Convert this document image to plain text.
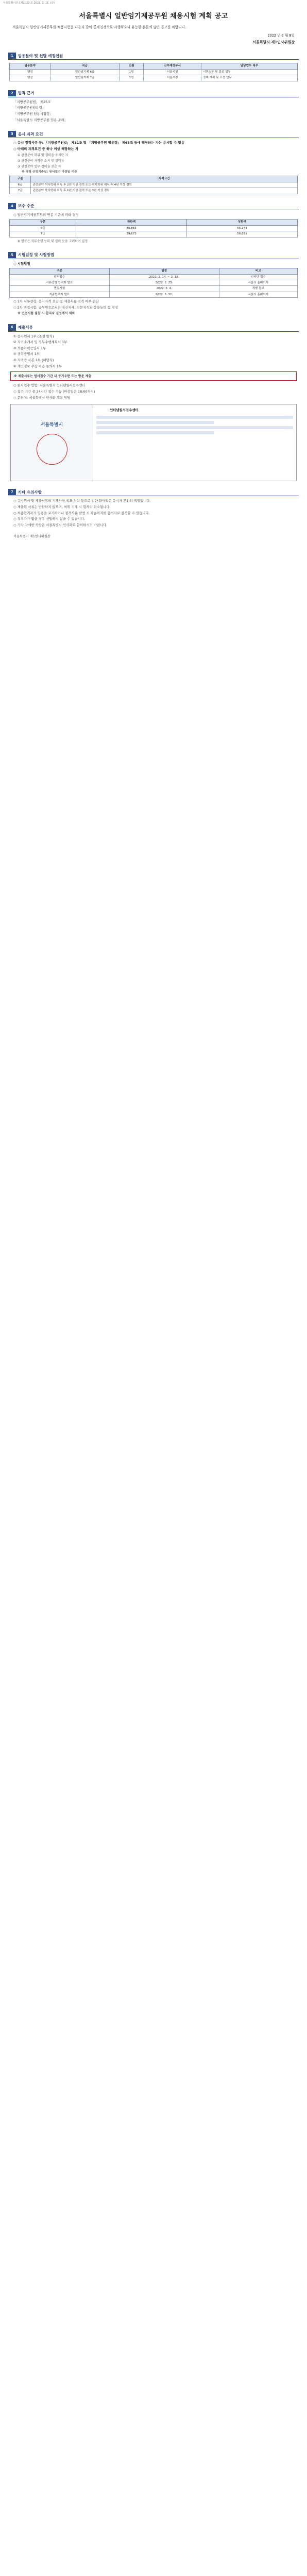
서울특별시공고제2022-호 2022. 2. 11. (금)
서울특별시 일반임기제공무원 채용시험 계획 공고
서울특별시 일반임기제공무원 채용시험을 다음과 같이 공개경쟁으로 시행하오니 유능한 분들의 많은 응모를 바랍니다.
2022 년 2 월 8일
서울특별시 제1인사위원장
1	임용분야 및 선발 예정인원
임용분야	직급	인원	근무예정부서	담당업무 직무
행정	일반임기제 6급	1명	서울시청	시민소통 및 홍보 업무
행정	일반임기제 7급	1명	서울시청	정책 기획 및 조정 업무
2	법적 근거
「지방공무원법」 제25조
「지방공무원임용령」
「지방공무원 임용시험령」
「서울특별시 지방공무원 임용 조례」
3	응시 자격 요건
○ 응시 결격사유 등: 「지방공무원법」 제31조 및 「지방공무원 임용령」 제65조 등에 해당하는 자는 응시할 수 없음
○ 아래의 자격요건 중 하나 이상 해당하는 자
① 관련분야 학위 및 경력을 소지한 자
② 관련분야 자격증 소지 및 경력자
③ 관련분야 업무 경력을 갖춘 자
※ 경력 산정기준일: 원서접수 마감일 기준
구분	자격요건
6급	관련분야 석사학위 취득 후 2년 이상 경력 또는 학사학위 취득 후 4년 이상 경력
7급	관련분야 학사학위 취득 후 1년 이상 경력 또는 3년 이상 경력
4	보수 수준
○ 일반임기제공무원의 연봉 기준에 따라 결정
구분	하한액	상한액
6급	45,865	65,244
7급	39,673	56,891
※ 연봉은 직무수행 능력 및 경력 등을 고려하여 결정
5	시험일정 및 시험방법
○ 시험일정
구분	일정	비고
원서접수	2022. 2. 14. ~ 2. 18.	인터넷 접수
서류전형 합격자 발표	2022. 2. 25.	서울시 홈페이지
면접시험	2022. 3. 4.	개별 통보
최종합격자 발표	2022. 3. 11.	서울시 홈페이지
○ 1차 서류전형: 응시자격 요건 및 제출서류 적격 여부 판단
○ 2차 면접시험: 공무원으로서의 정신자세, 전문지식과 응용능력 등 평정
※ 면접시험 불참 시 합격자 결정에서 제외
6	제출서류
① 응시원서 1부 (소정 양식)
② 자기소개서 및 직무수행계획서 1부
③ 최종학력증명서 1부
④ 경력증명서 1부
⑤ 자격증 사본 1부 (해당자)
⑥ 개인정보 수집·이용 동의서 1부
※ 제출서류는 원서접수 기간 내 등기우편 또는 방문 제출
○ 원서접수 방법: 서울특별시 인터넷원서접수센터
○ 접수 기간 중 24시간 접수 가능 (마감일은 18:00까지)
○ 문의처: 서울특별시 인사과 채용 담당
서울특별시
인터넷원서접수센터
7	기타 유의사항
○ 응시원서 및 제출서류의 기재사항 착오·누락 등으로 인한 불이익은 응시자 본인의 책임입니다.
○ 제출된 서류는 반환하지 않으며, 허위 기재 시 합격이 취소됩니다.
○ 최종합격자가 임용을 포기하거나 결격사유 발생 시 차순위자를 합격자로 결정할 수 있습니다.
○ 적격자가 없을 경우 선발하지 않을 수 있습니다.
○ 기타 자세한 사항은 서울특별시 인사과로 문의하시기 바랍니다.
서울특별시 제1인사위원장
